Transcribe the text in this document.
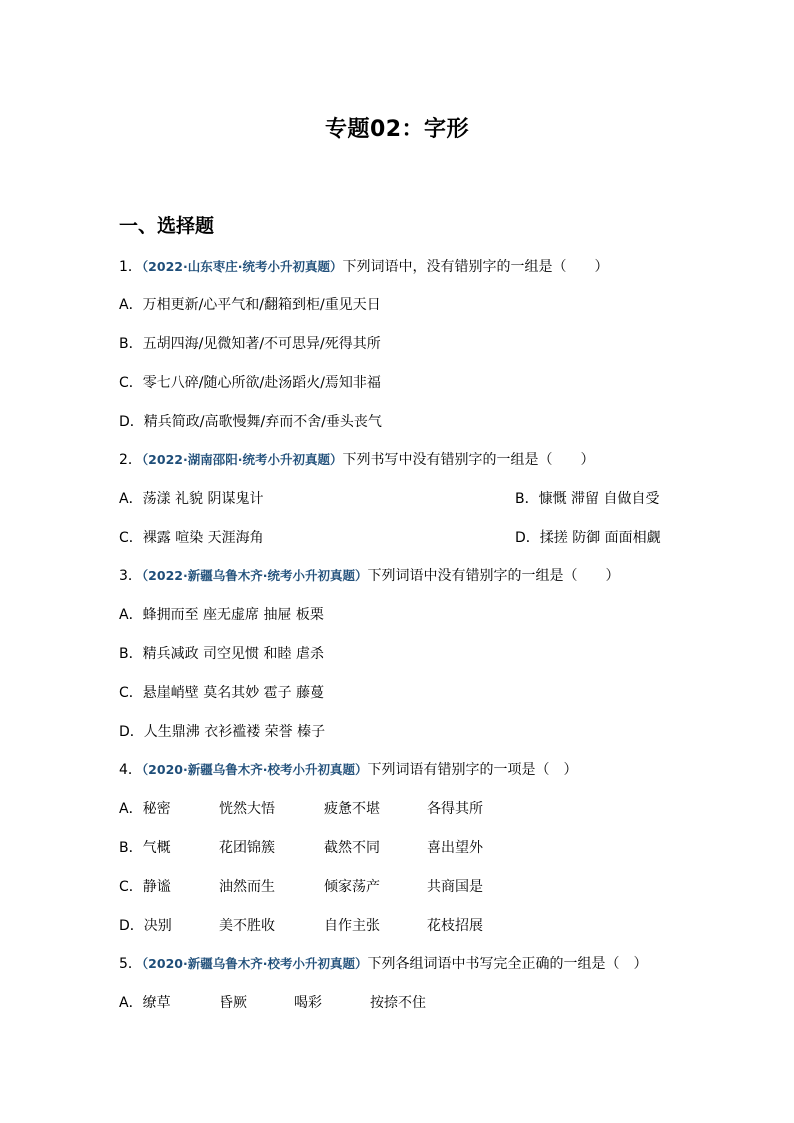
专题02：字形
一、选择题
1．（2022·山东枣庄·统考小升初真题）下列词语中，没有错别字的一组是（　　）
A．万相更新/心平气和/翻箱到柜/重见天日
B．五胡四海/见微知著/不可思异/死得其所
C．零七八碎/随心所欲/赴汤蹈火/焉知非福
D．精兵简政/高歌慢舞/弃而不舍/垂头丧气
2．（2022·湖南邵阳·统考小升初真题）下列书写中没有错别字的一组是（　　）
A．荡漾 礼貌 阴谋鬼计	B．慷慨 滞留 自做自受
C．裸露 喧染 天涯海角	D．揉搓 防御 面面相觑
3．（2022·新疆乌鲁木齐·统考小升初真题）下列词语中没有错别字的一组是（　　）
A．蜂拥而至 座无虚席 抽屉 板栗
B．精兵减政 司空见惯 和睦 虐杀
C．悬崖峭壁 莫名其妙 雹子 藤蔓
D．人生鼎沸 衣衫褴褛 荣誉 榛子
4．（2020·新疆乌鲁木齐·校考小升初真题）下列词语有错别字的一项是（　）
A．秘密	恍然大悟	疲惫不堪	各得其所
B．气概	花团锦簇	截然不同	喜出望外
C．静谧	油然而生	倾家荡产	共商国是
D．决别	美不胜收	自作主张	花枝招展
5．（2020·新疆乌鲁木齐·校考小升初真题）下列各组词语中书写完全正确的一组是（　）
A．缭草	昏厥	喝彩	按捺不住
